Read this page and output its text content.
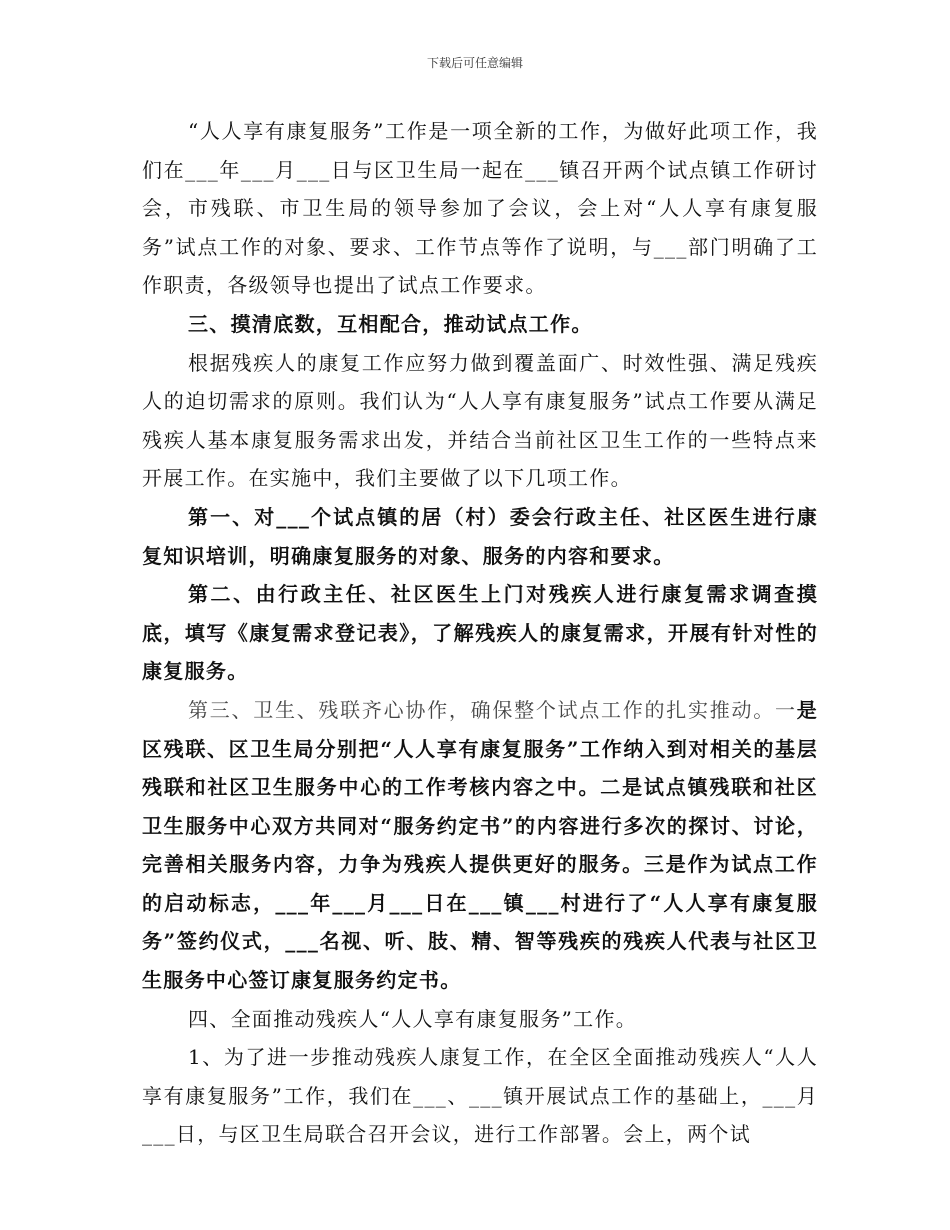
下载后可任意编辑

“人人享有康复服务”工作是一项全新的工作，为做好此项工作，我们在___年___月___日与区卫生局一起在___镇召开两个试点镇工作研讨会，市残联、市卫生局的领导参加了会议，会上对“人人享有康复服务”试点工作的对象、要求、工作节点等作了说明，与___部门明确了工作职责，各级领导也提出了试点工作要求。

三、摸清底数，互相配合，推动试点工作。

根据残疾人的康复工作应努力做到覆盖面广、时效性强、满足残疾人的迫切需求的原则。我们认为“人人享有康复服务”试点工作要从满足残疾人基本康复服务需求出发，并结合当前社区卫生工作的一些特点来开展工作。在实施中，我们主要做了以下几项工作。

第一、对___个试点镇的居（村）委会行政主任、社区医生进行康复知识培训，明确康复服务的对象、服务的内容和要求。

第二、由行政主任、社区医生上门对残疾人进行康复需求调查摸底，填写《康复需求登记表》，了解残疾人的康复需求，开展有针对性的康复服务。

第三、卫生、残联齐心协作，确保整个试点工作的扎实推动。一是区残联、区卫生局分别把“人人享有康复服务”工作纳入到对相关的基层残联和社区卫生服务中心的工作考核内容之中。二是试点镇残联和社区卫生服务中心双方共同对“服务约定书”的内容进行多次的探讨、讨论，完善相关服务内容，力争为残疾人提供更好的服务。三是作为试点工作的启动标志，___年___月___日在___镇___村进行了“人人享有康复服务”签约仪式，___名视、听、肢、精、智等残疾的残疾人代表与社区卫生服务中心签订康复服务约定书。

四、全面推动残疾人“人人享有康复服务”工作。

1、为了进一步推动残疾人康复工作，在全区全面推动残疾人“人人享有康复服务”工作，我们在___、___镇开展试点工作的基础上，___月___日，与区卫生局联合召开会议，进行工作部署。会上，两个试
